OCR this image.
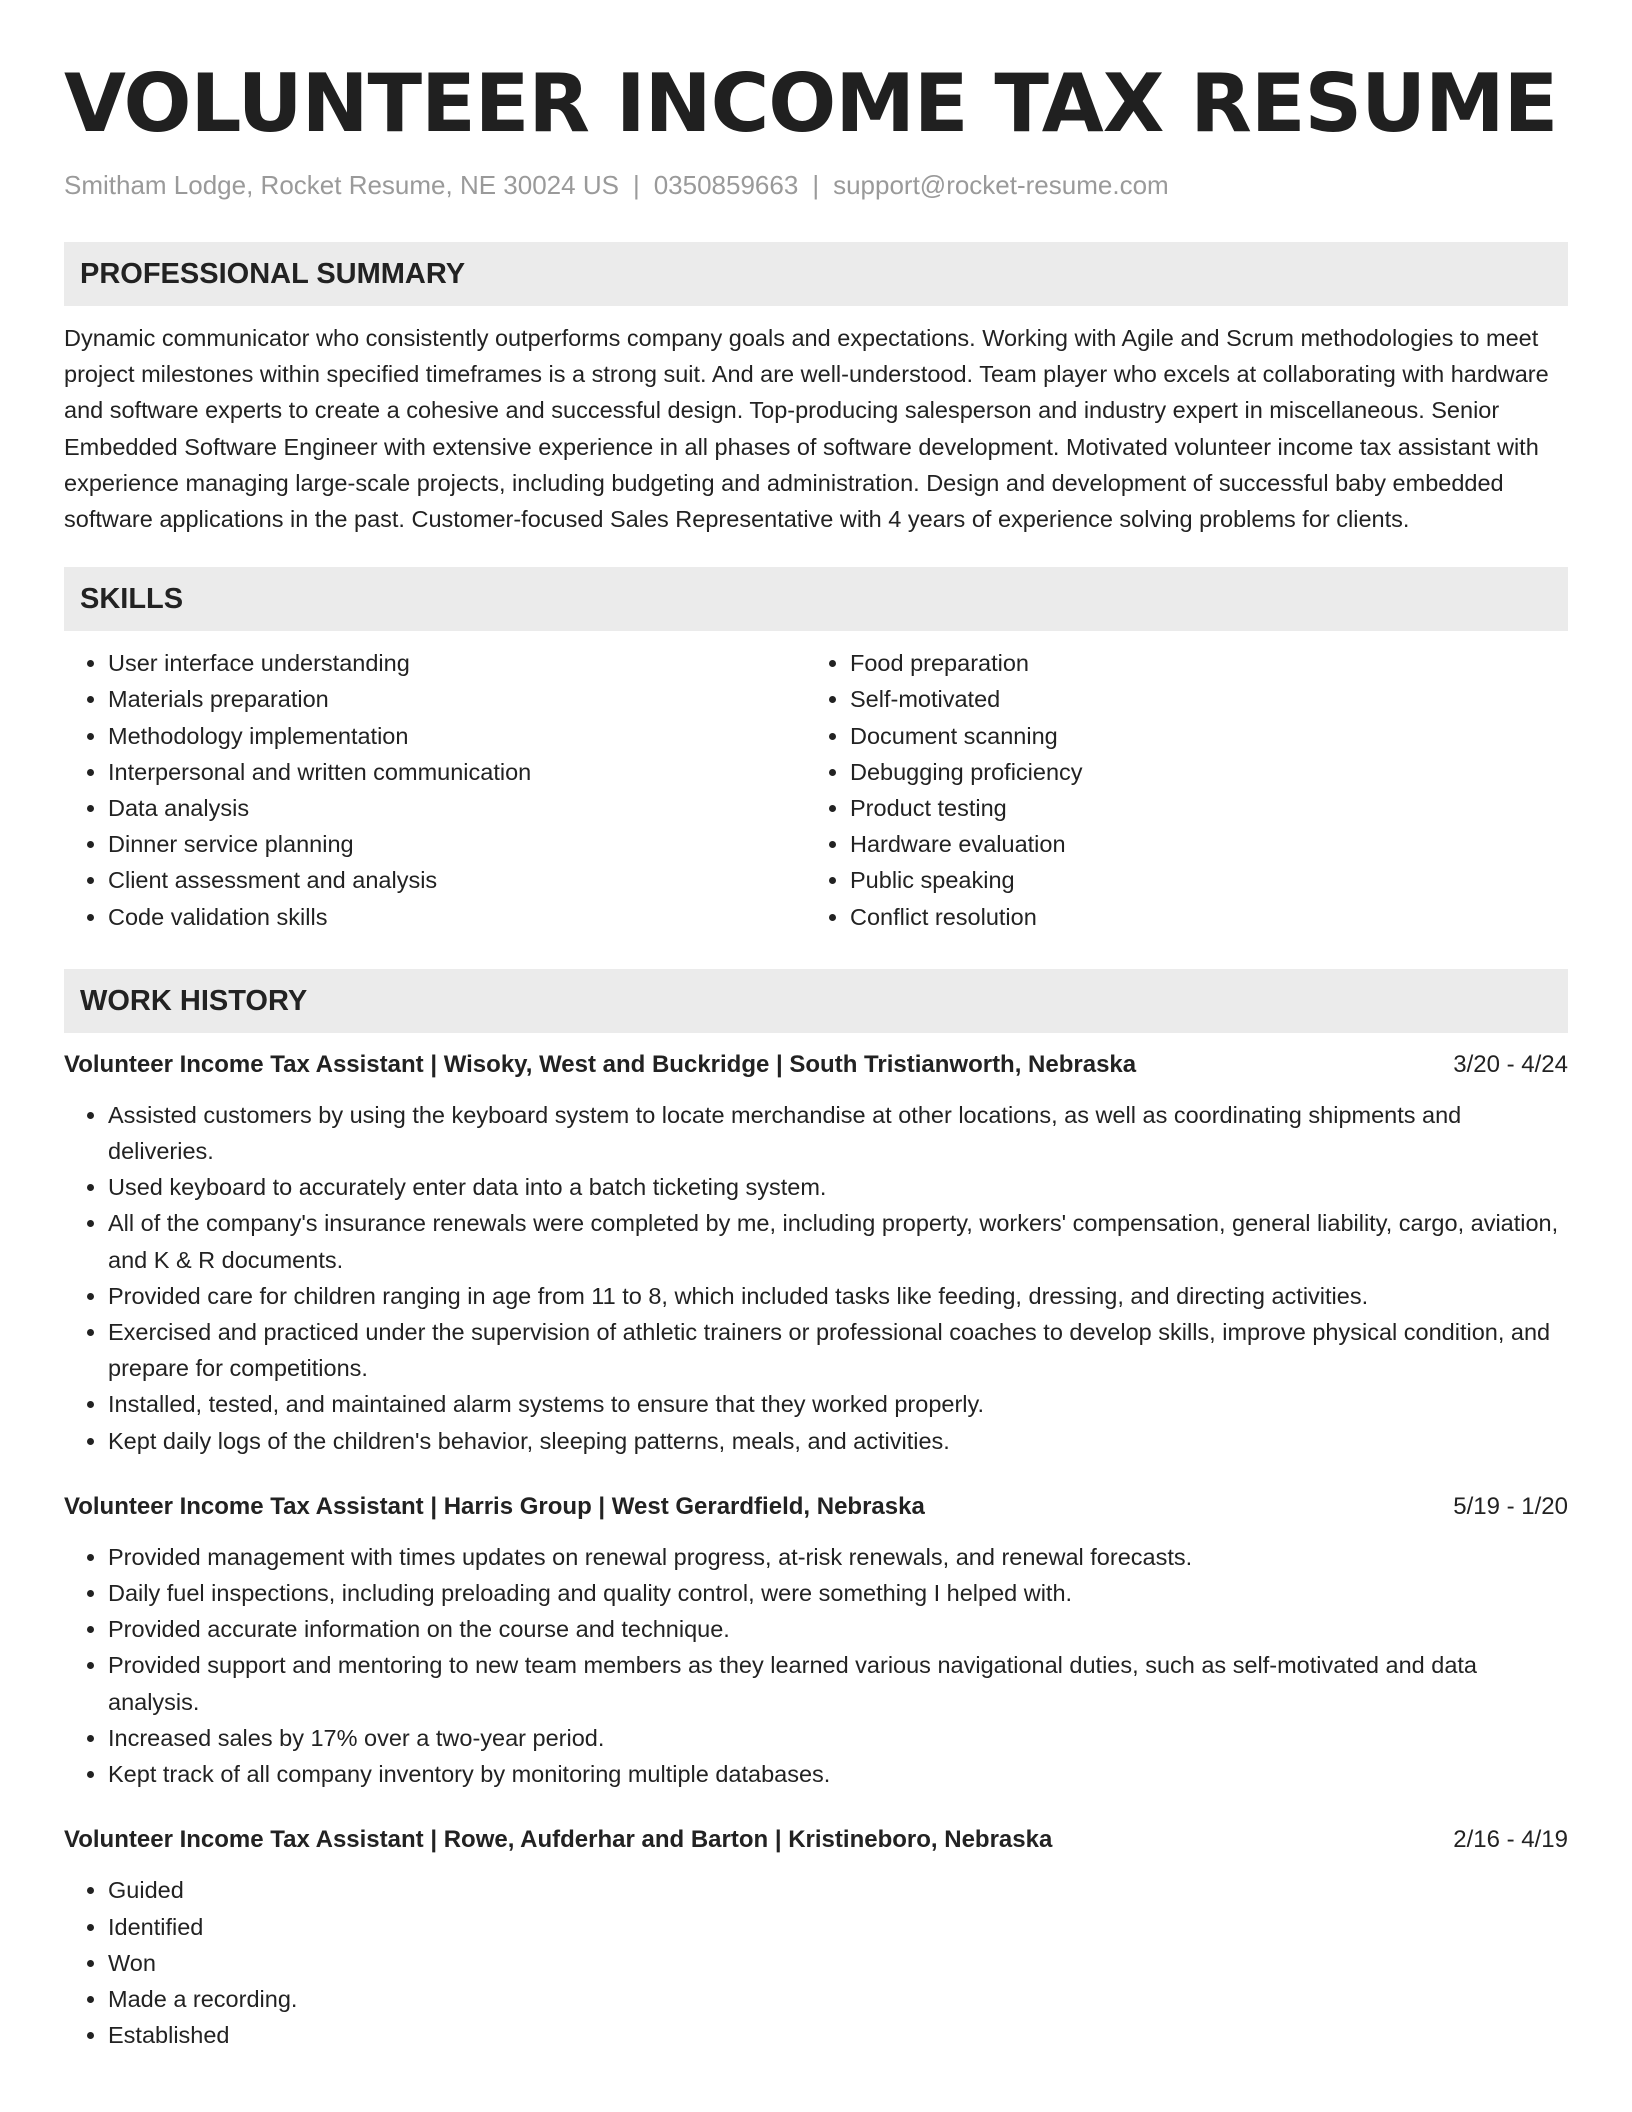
VOLUNTEER INCOME TAX RESUME
Smitham Lodge, Rocket Resume, NE 30024 US | 0350859663 | support@rocket-resume.com
PROFESSIONAL SUMMARY

Dynamic communicator who consistently outperforms company goals and expectations. Working with Agile and Scrum methodologies to meet project milestones within specified timeframes is a strong suit. And are well-understood. Team player who excels at collaborating with hardware and software experts to create a cohesive and successful design. Top-producing salesperson and industry expert in miscellaneous. Senior Embedded Software Engineer with extensive experience in all phases of software development. Motivated volunteer income tax assistant with experience managing large-scale projects, including budgeting and administration. Design and development of successful baby embedded software applications in the past. Customer-focused Sales Representative with 4 years of experience solving problems for clients.

SKILLS
• User interface understanding
• Materials preparation
• Methodology implementation
• Interpersonal and written communication
• Data analysis
• Dinner service planning
• Client assessment and analysis
• Code validation skills
• Food preparation
• Self-motivated
• Document scanning
• Debugging proficiency
• Product testing
• Hardware evaluation
• Public speaking
• Conflict resolution
WORK HISTORY
Volunteer Income Tax Assistant | Wisoky, West and Buckridge | South Tristianworth, Nebraska	3/20 - 4/24
• Assisted customers by using the keyboard system to locate merchandise at other locations, as well as coordinating shipments and deliveries.
• Used keyboard to accurately enter data into a batch ticketing system.
• All of the company's insurance renewals were completed by me, including property, workers' compensation, general liability, cargo, aviation, and K & R documents.
• Provided care for children ranging in age from 11 to 8, which included tasks like feeding, dressing, and directing activities.
• Exercised and practiced under the supervision of athletic trainers or professional coaches to develop skills, improve physical condition, and prepare for competitions.
• Installed, tested, and maintained alarm systems to ensure that they worked properly.
• Kept daily logs of the children's behavior, sleeping patterns, meals, and activities.
Volunteer Income Tax Assistant | Harris Group | West Gerardfield, Nebraska	5/19 - 1/20
• Provided management with times updates on renewal progress, at-risk renewals, and renewal forecasts.
• Daily fuel inspections, including preloading and quality control, were something I helped with.
• Provided accurate information on the course and technique.
• Provided support and mentoring to new team members as they learned various navigational duties, such as self-motivated and data analysis.
• Increased sales by 17% over a two-year period.
• Kept track of all company inventory by monitoring multiple databases.
Volunteer Income Tax Assistant | Rowe, Aufderhar and Barton | Kristineboro, Nebraska	2/16 - 4/19
• Guided
• Identified
• Won
• Made a recording.
• Established
